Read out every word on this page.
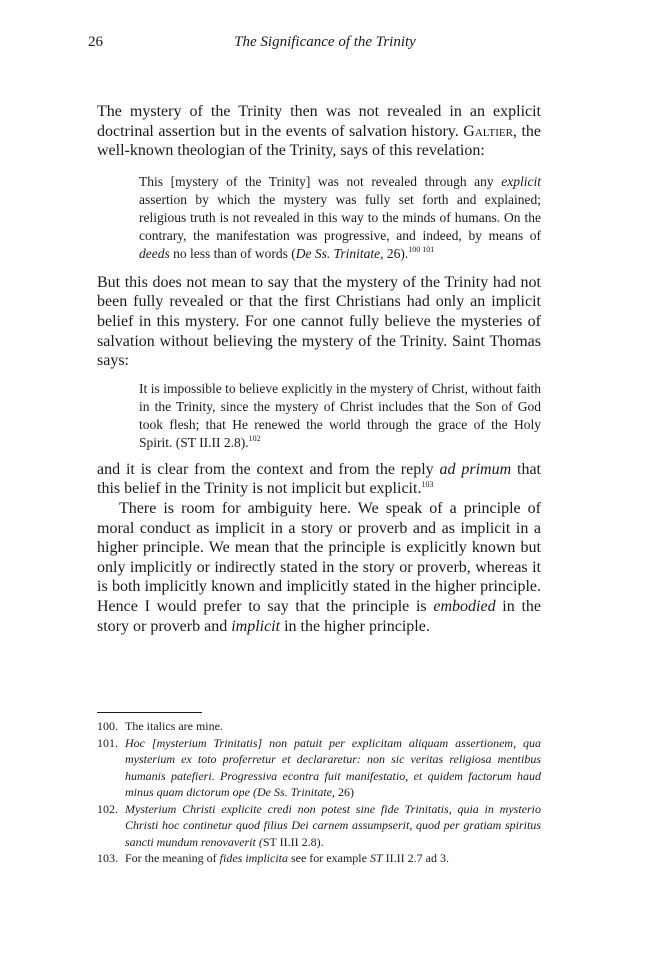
26	The Significance of the Trinity

The mystery of the Trinity then was not revealed in an explicit doctrinal assertion but in the events of salvation history. Galtier, the well-known theologian of the Trinity, says of this revelation:

This [mystery of the Trinity] was not revealed through any explicit assertion by which the mystery was fully set forth and explained; religious truth is not revealed in this way to the minds of humans. On the contrary, the manifestation was progressive, and indeed, by means of deeds no less than of words (De Ss. Trinitate, 26).$^{100 101}$

But this does not mean to say that the mystery of the Trinity had not been fully revealed or that the first Christians had only an implicit belief in this mystery. For one cannot fully believe the mysteries of salvation without believing the mystery of the Trinity. Saint Thomas says:

It is impossible to believe explicitly in the mystery of Christ, without faith in the Trinity, since the mystery of Christ includes that the Son of God took flesh; that He renewed the world through the grace of the Holy Spirit. (ST II.II 2.8).$^{102}$

and it is clear from the context and from the reply ad primum that this belief in the Trinity is not implicit but explicit.$^{103}$

There is room for ambiguity here. We speak of a principle of moral conduct as implicit in a story or proverb and as implicit in a higher principle. We mean that the principle is explicitly known but only implicitly or indirectly stated in the story or proverb, whereas it is both implicitly known and implicitly stated in the higher principle. Hence I would prefer to say that the principle is embodied in the story or proverb and implicit in the higher principle.

100. The italics are mine.
101. Hoc [mysterium Trinitatis] non patuit per explicitam aliquam assertionem, qua mysterium ex toto proferretur et declararetur: non sic veritas religiosa mentibus humanis patefieri. Progressiva econtra fuit manifestatio, et quidem factorum haud minus quam dictorum ope (De Ss. Trinitate, 26)
102. Mysterium Christi explicite credi non potest sine fide Trinitatis, quia in mysterio Christi hoc continetur quod filius Dei carnem assumpserit, quod per gratiam spiritus sancti mundum renovaverit (ST II.II 2.8).
103. For the meaning of fides implicita see for example ST II.II 2.7 ad 3.
